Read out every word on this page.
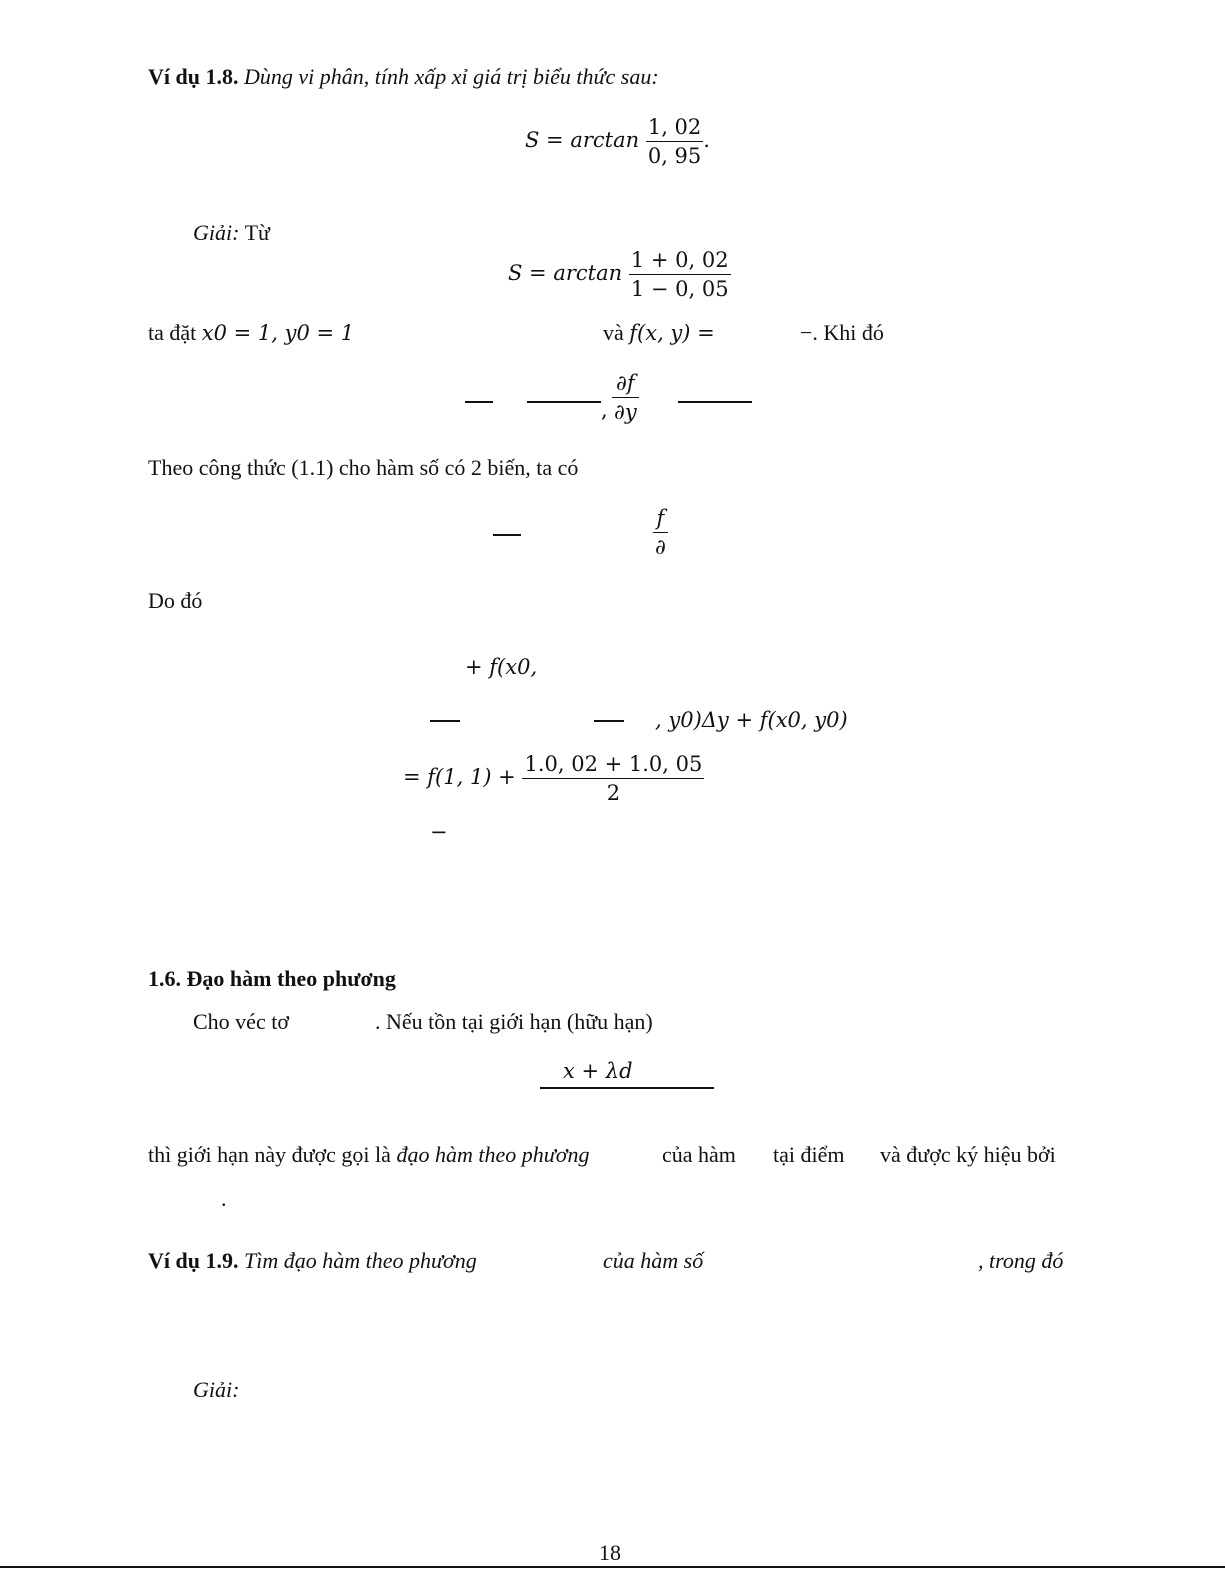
Ví dụ 1.8. Dùng vi phân, tính xấp xỉ giá trị biểu thức sau:
$S = \arctan \frac{1, 02}{0, 95}$ .
Giải: Từ
$S = \arctan \frac{1 + 0, 02}{1 - 0, 05}$
ta đặt x0 = 1, y0 = 1	và f(x, y) =	−. Khi đó
, $\frac{\partial f}{\partial y}$
Theo công thức (1.1) cho hàm số có 2 biến, ta có
$\frac{f}{\partial}$
Do đó
+ f(x0,
, y0)Δy + f(x0, y0)
= f(1, $1) + \frac{1.0, 02 + 1.0, 05}{2}$
−
1.6. Đạo hàm theo phương
Cho véc tơ	. Nếu tồn tại giới hạn (hữu hạn)
x + λd
thì giới hạn này được gọi là đạo hàm theo phương	của hàm tại điểm và được ký hiệu bởi
.
Ví dụ 1.9. Tìm đạo hàm theo phương	của hàm số	, trong đó
Giải:
18
